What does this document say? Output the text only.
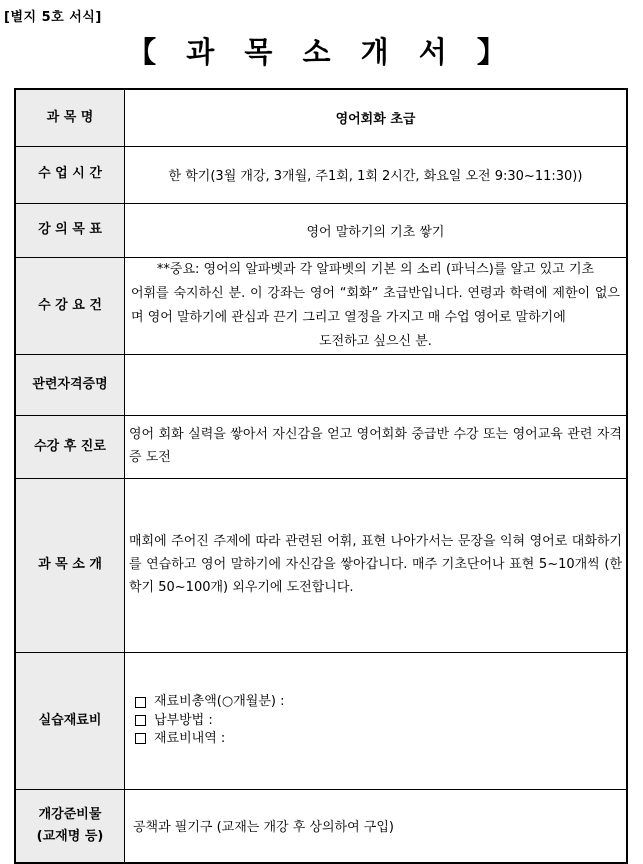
[별지 5호 서식]
【 과 목 소 개 서 】
과 목 명	영어회화 초급
수 업 시 간	한 학기(3월 개강, 3개월, 주1회, 1회 2시간, 화요일 오전 9:30~11:30))
강 의 목 표	영어 말하기의 기초 쌓기
수 강 요 건	**중요: 영어의 알파벳과 각 알파벳의 기본 의 소리 (파닉스)를 알고 있고 기초
어휘를 숙지하신 분. 이 강좌는 영어 “회화” 초급반입니다. 연령과 학력에 제한이 없으며 영어 말하기에 관심과 끈기 그리고 열정을 가지고 매 수업 영어로 말하기에
도전하고 싶으신 분.

관련자격증명	
수강 후 진로	영어 회화 실력을 쌓아서 자신감을 얻고 영어회화 중급반 수강 또는 영어교육 관련 자격증 도전
과 목 소 개	매회에 주어진 주제에 따라 관련된 어휘, 표현 나아가서는 문장을 익혀 영어로 대화하기를 연습하고 영어 말하기에 자신감을 쌓아갑니다. 매주 기초단어나 표현 5~10개씩 (한학기 50~100개) 외우기에 도전합니다.
실습재료비	재료비총액(○개월분) :
납부방법 :
재료비내역 :

개강준비물
(교재명 등)	공책과 필기구 (교재는 개강 후 상의하여 구입)
